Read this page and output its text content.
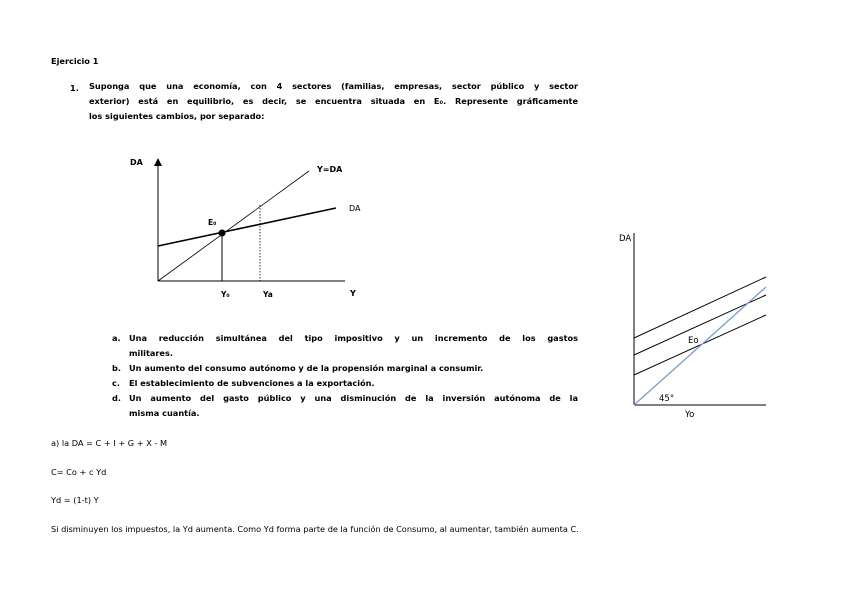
Ejercicio 1
1. Suponga que una economía, con 4 sectores (familias, empresas, sector público y sector
exterior) está en equilibrio, es decir, se encuentra situada en E₀. Represente gráficamente
los siguientes cambios, por separado:
DA
Y
Y=DA
DA
E₀
Y₀	Ya
a. Una reducción simultánea del tipo impositivo y un incremento de los gastos
militares.
b. Un aumento del consumo autónomo y de la propensión marginal a consumir.
c. El establecimiento de subvenciones a la exportación.
d. Un aumento del gasto público y una disminución de la inversión autónoma de la
misma cuantía.
DA
Yo
Eo
45°
a) la DA = C + I + G + X - M
C= Co + c Yd
Yd = (1-t) Y
Si disminuyen los impuestos, la Yd aumenta. Como Yd forma parte de la función de Consumo, al aumentar, también aumenta C.
